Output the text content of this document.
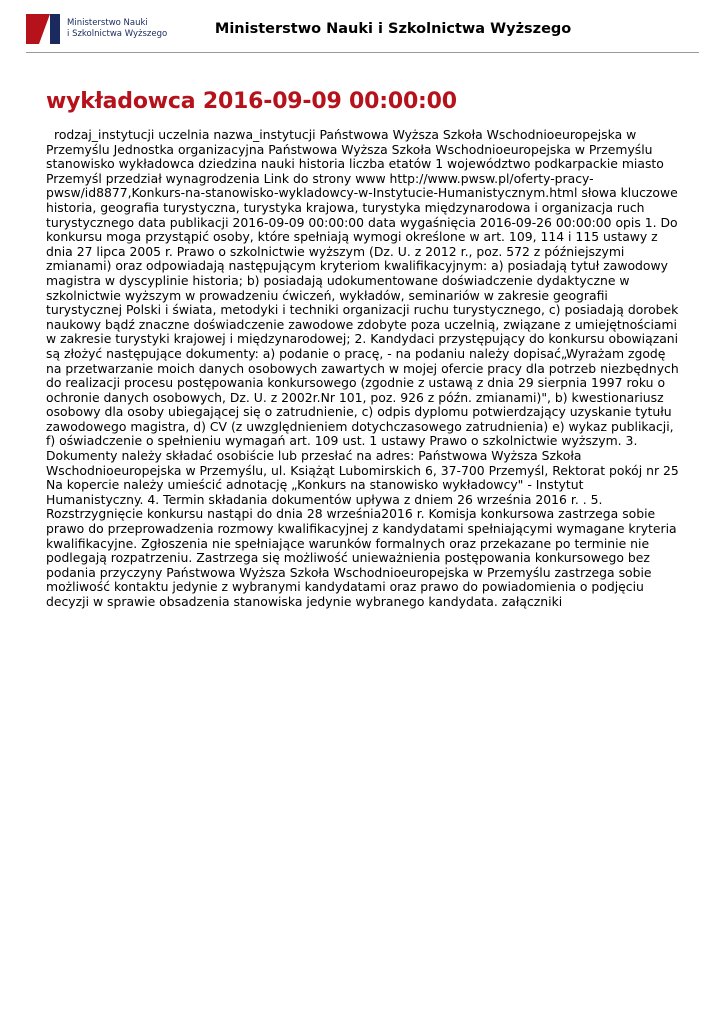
Ministerstwo Nauki
i Szkolnictwa Wyższego	Ministerstwo Nauki i Szkolnictwa Wyższego
wykładowca 2016-09-09 00:00:00

rodzaj_instytucji uczelnia nazwa_instytucji Państwowa Wyższa Szkoła Wschodnioeuropejska w Przemyślu Jednostka organizacyjna Państwowa Wyższa Szkoła Wschodnioeuropejska w Przemyślu stanowisko wykładowca dziedzina nauki historia liczba etatów 1 województwo podkarpackie miasto Przemyśl przedział wynagrodzenia Link do strony www http://www.pwsw.pl/oferty-pracy-pwsw/id8877,Konkurs-na-stanowisko-wykladowcy-w-Instytucie-Humanistycznym.html słowa kluczowe historia, geografia turystyczna, turystyka krajowa, turystyka międzynarodowa i organizacja ruch turystycznego data publikacji 2016-09-09 00:00:00 data wygaśnięcia 2016-09-26 00:00:00 opis 1. Do konkursu moga przystąpić osoby, które spełniają wymogi określone w art. 109, 114 i 115 ustawy z dnia 27 lipca 2005 r. Prawo o szkolnictwie wyższym (Dz. U. z 2012 r., poz. 572 z późniejszymi zmianami) oraz odpowiadają następującym kryteriom kwalifikacyjnym: a) posiadają tytuł zawodowy magistra w dyscyplinie historia; b) posiadają udokumentowane doświadczenie dydaktyczne w szkolnictwie wyższym w prowadzeniu ćwiczeń, wykładów, seminariów w zakresie geografii turystycznej Polski i świata, metodyki i techniki organizacji ruchu turystycznego, c) posiadają dorobek naukowy bądź znaczne doświadczenie zawodowe zdobyte poza uczelnią, związane z umiejętnościami w zakresie turystyki krajowej i międzynarodowej; 2. Kandydaci przystępujący do konkursu obowiązani są złożyć następujące dokumenty: a) podanie o pracę, - na podaniu należy dopisać„Wyrażam zgodę na przetwarzanie moich danych osobowych zawartych w mojej ofercie pracy dla potrzeb niezbędnych do realizacji procesu postępowania konkursowego (zgodnie z ustawą z dnia 29 sierpnia 1997 roku o ochronie danych osobowych, Dz. U. z 2002r.Nr 101, poz. 926 z późn. zmianami)", b) kwestionariusz osobowy dla osoby ubiegającej się o zatrudnienie, c) odpis dyplomu potwierdzający uzyskanie tytułu zawodowego magistra, d) CV (z uwzględnieniem dotychczasowego zatrudnienia) e) wykaz publikacji, f) oświadczenie o spełnieniu wymagań art. 109 ust. 1 ustawy Prawo o szkolnictwie wyższym. 3. Dokumenty należy składać osobiście lub przesłać na adres: Państwowa Wyższa Szkoła Wschodnioeuropejska w Przemyślu, ul. Książąt Lubomirskich 6, 37-700 Przemyśl, Rektorat pokój nr 25 Na kopercie należy umieścić adnotację „Konkurs na stanowisko wykładowcy" - Instytut Humanistyczny. 4. Termin składania dokumentów upływa z dniem 26 września 2016 r. . 5. Rozstrzygnięcie konkursu nastąpi do dnia 28 września2016 r. Komisja konkursowa zastrzega sobie prawo do przeprowadzenia rozmowy kwalifikacyjnej z kandydatami spełniającymi wymagane kryteria kwalifikacyjne. Zgłoszenia nie spełniające warunków formalnych oraz przekazane po terminie nie podlegają rozpatrzeniu. Zastrzega się możliwość unieważnienia postępowania konkursowego bez podania przyczyny Państwowa Wyższa Szkoła Wschodnioeuropejska w Przemyślu zastrzega sobie możliwość kontaktu jedynie z wybranymi kandydatami oraz prawo do powiadomienia o podjęciu decyzji w sprawie obsadzenia stanowiska jedynie wybranego kandydata. załączniki
